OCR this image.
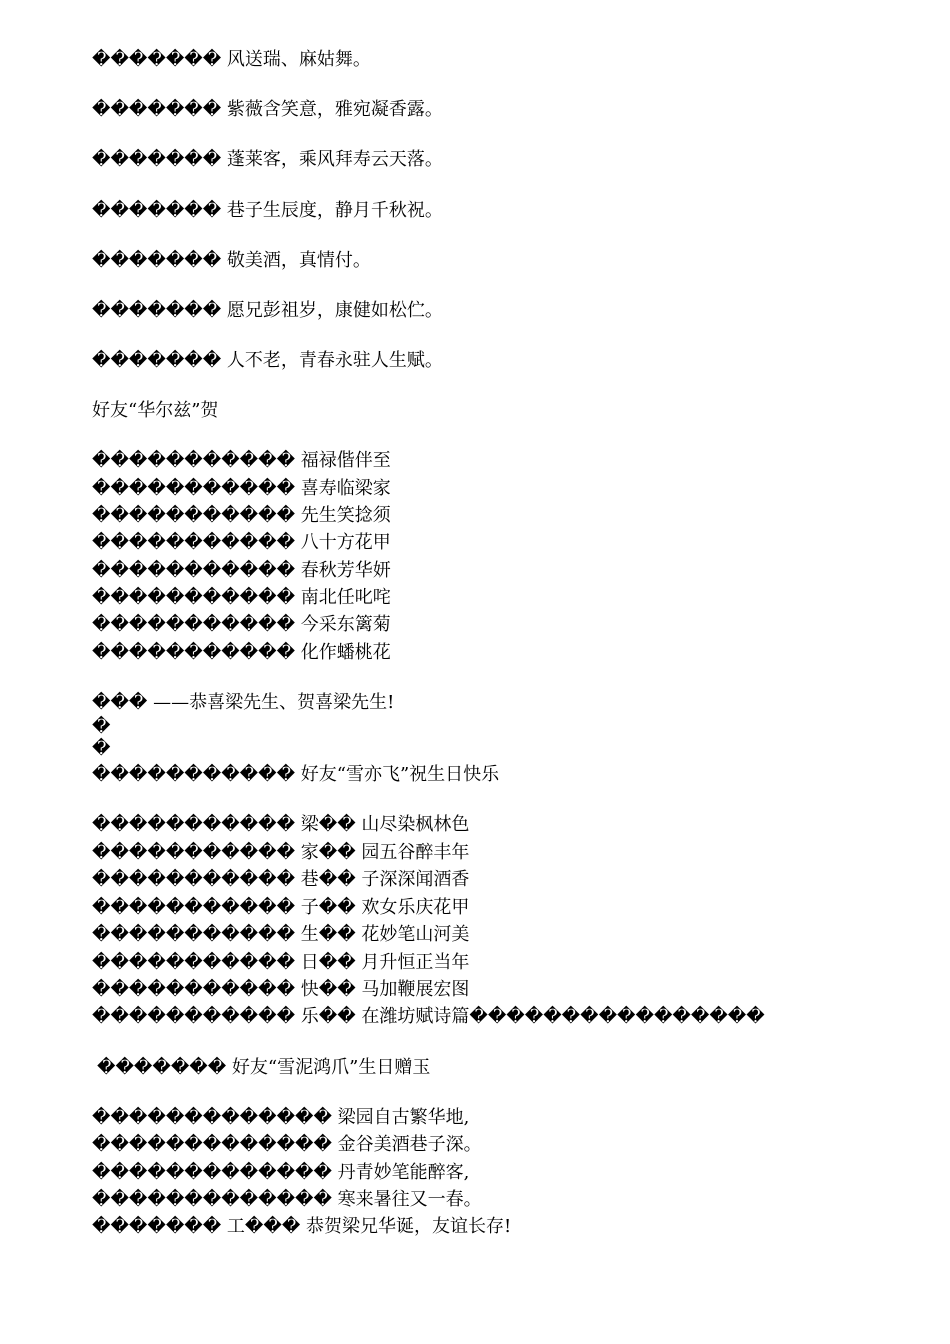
������� 风送瑞、麻姑舞。
������� 紫薇含笑意，雅宛凝香露。
������� 蓬莱客，乘风拜寿云天落。
������� 巷子生辰度，静月千秋祝。
������� 敬美酒，真情付。
������� 愿兄彭祖岁，康健如松伫。
������� 人不老，青春永驻人生赋。
好友“华尔兹”贺
����������� 福禄偕伴至
����������� 喜寿临梁家
����������� 先生笑捻须
����������� 八十方花甲
����������� 春秋芳华妍
����������� 南北任叱咤
����������� 今采东篱菊
����������� 化作蟠桃花
��� ——恭喜梁先生、贺喜梁先生!
�
�
����������� 好友“雪亦飞”祝生日快乐
����������� 梁�� 山尽染枫林色
����������� 家�� 园五谷醉丰年
����������� 巷�� 子深深闻酒香
����������� 子�� 欢女乐庆花甲
����������� 生�� 花妙笔山河美
����������� 日�� 月升恒正当年
����������� 快�� 马加鞭展宏图
����������� 乐�� 在潍坊赋诗篇����������������
������� 好友“雪泥鸿爪”生日赠玉
������������� 梁园自古繁华地,
������������� 金谷美酒巷子深。
������������� 丹青妙笔能醉客,
������������� 寒来暑往又一春。
������� 工��� 恭贺梁兄华诞，友谊长存!
